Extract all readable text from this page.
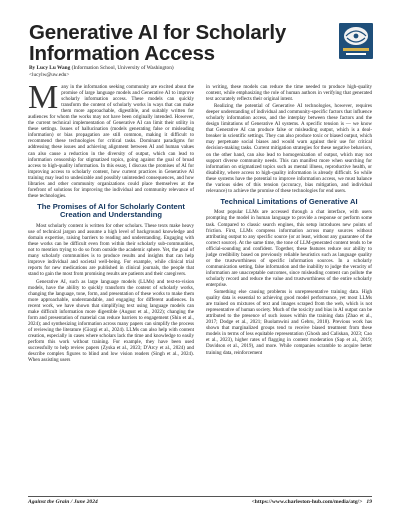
Generative AI for Scholarly Information Access
By Lucy Lu Wang (Information School, University of Washington)
<lucylw@uw.edu>

Many in the information seeking community are excited about the promise of large language models and Generative AI to improve scholarly information access. These models can quickly transform the content of scholarly works in ways that can make them more approachable, digestible, and suitably written for audiences for whom the works may not have been originally intended. However, the current technical implementation of Generative AI can limit their utility in these settings. Issues of hallucination (models generating false or misleading information) or bias propagation are still common, making it difficult to recommend these technologies for critical tasks. Dominant paradigms for addressing these issues and achieving alignment between AI and human values can also cause a reduction in the diversity of output, which can lead to information censorship for stigmatized topics, going against the goal of broad access to high-quality information. In this essay, I discuss the promises of AI for improving access to scholarly content, how current practices in Generative AI training may lead to undesirable and possibly unintended consequences, and how libraries and other community organizations could place themselves at the forefront of solutions for improving the individual and community relevance of these technologies.

The Promises of AI for Scholarly Content Creation and Understanding

Most scholarly content is written for other scholars. These texts make heavy use of technical jargon and assume a high level of background knowledge and domain expertise, raising barriers to reading and understanding. Engaging with these works can be difficult even from within their scholarly sub-communities, not to mention trying to do so from outside the academic sphere. Yet, the goal of many scholarly communities is to produce results and insights that can help improve individual and societal well-being. For example, while clinical trial reports for new medications are published in clinical journals, the people that stand to gain the most from promising results are patients and their caregivers.

Generative AI, such as large language models (LLMs) and text-to-vision models, have the ability to quickly transform the content of scholarly works, changing the language, tone, form, and presentation of these works to make them more approachable, understandable, and engaging for different audiences. In recent work, we have shown that simplifying text using language models can make difficult information more digestible (August et al., 2022); changing the form and presentation of material can reduce barriers to engagement (Shin et al., 2024); and synthesizing information across many papers can simplify the process of reviewing the literature (Giorgi et al., 2024). LLMs can also help with content creation, especially in cases where scholars lack the time and knowledge to easily perform this work without training. For example, they have been used successfully to help review papers (Zyska et al., 2023; D'Arcy et al., 2024) and describe complex figures to blind and low vision readers (Singh et al., 2024). When assisting users

in writing, these models can reduce the time needed to produce high-quality content, while emphasizing the role of human authors in verifying that generated text accurately reflects their original intent.

Realizing the potential of Generative AI technologies, however, requires deeper understanding of individual and community-specific factors that influence scholarly information access, and the interplay between these factors and the design limitations of Generative AI systems. A specific tension is — we know that Generative AI can produce false or misleading output, which is a deal-breaker in scientific settings. They can also produce toxic or biased output, which may perpetuate social biases and would warn against their use for critical decision-making tasks. Current mitigation strategies for these negative behaviors, on the other hand, can also lead to homogenization of output, which may not support diverse community needs. This can manifest more when searching for information on stigmatized topics such as mental illness, reproductive health, or disability, where access to high-quality information is already difficult. So while these systems have the potential to improve information access, we must balance the various sides of this tension (accuracy, bias mitigation, and individual relevance) to achieve the promise of these technologies for end users.

Technical Limitations of Generative AI

Most popular LLMs are accessed through a chat interface, with users prompting the model in human language to provide a response or perform some task. Compared to classic search engines, this setup introduces new points of friction. First, LLMs compress information across many sources without attributing output to any specific source (or at least, without any guarantee of the correct source). At the same time, the tone of LLM-generated content tends to be official-sounding and confident. Together, these features reduce our ability to judge credibility based on previously reliable heuristics such as language quality or the trustworthiness of specific information sources. In a scholarly communication setting, false information and the inability to judge the veracity of information are unacceptable outcomes, since misleading content can pollute the scholarly record and reduce the value and trustworthiness of the entire scholarly enterprise.

Something else causing problems is unrepresentative training data. High quality data is essential to achieving good model performance, yet most LLMs are trained on mixtures of text and images scraped from the web, which is not representative of human society. Much of the toxicity and bias in AI output can be attributed to the presence of such issues within the training data (Zhao et al., 2017; Dodge et al., 2021; Buolamwini and Gebru, 2018). Previous work has shown that marginalized groups tend to receive biased treatment from these models in terms of less equitable representation (Ghosh and Caliskan, 2023; Cao et al., 2023), higher rates of flagging in content moderation (Sap et al., 2019; Davidson et al., 2019), and more. While companies scramble to acquire better training data, reinforcement

Against the Grain / June 2024	<https://www.charleston-hub.com/media/atg/> 19
